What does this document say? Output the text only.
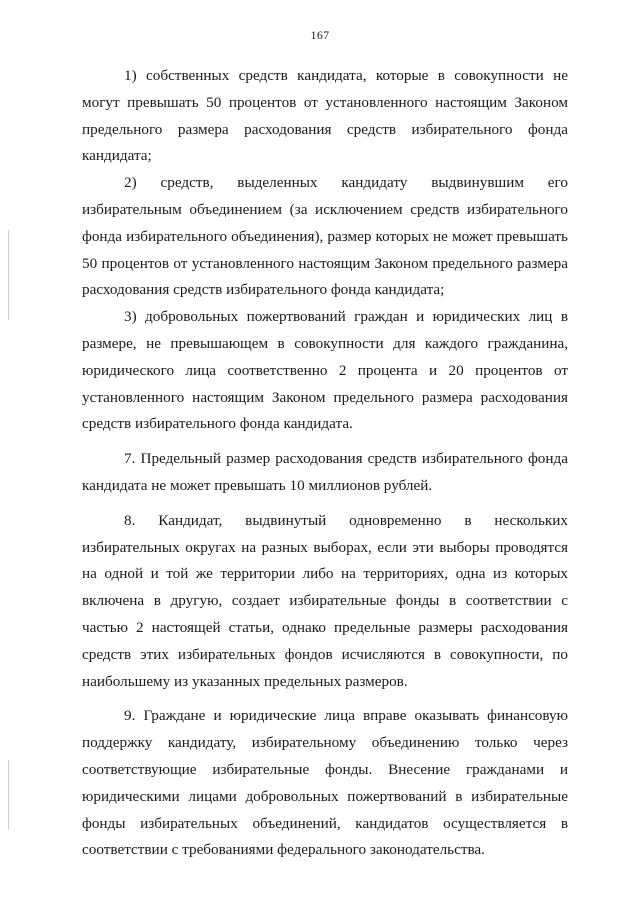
167

1) собственных средств кандидата, которые в совокупности не могут превышать 50 процентов от установленного настоящим Законом предельного размера расходования средств избирательного фонда кандидата;

2) средств, выделенных кандидату выдвинувшим его избирательным объединением (за исключением средств избирательного фонда избирательного объединения), размер которых не может превышать 50 процентов от установленного настоящим Законом предельного размера расходования средств избирательного фонда кандидата;

3) добровольных пожертвований граждан и юридических лиц в размере, не превышающем в совокупности для каждого гражданина, юридического лица соответственно 2 процента и 20 процентов от установленного настоящим Законом предельного размера расходования средств избирательного фонда кандидата.

7. Предельный размер расходования средств избирательного фонда кандидата не может превышать 10 миллионов рублей.

8. Кандидат, выдвинутый одновременно в нескольких избирательных округах на разных выборах, если эти выборы проводятся на одной и той же территории либо на территориях, одна из которых включена в другую, создает избирательные фонды в соответствии с частью 2 настоящей статьи, однако предельные размеры расходования средств этих избирательных фондов исчисляются в совокупности, по наибольшему из указанных предельных размеров.

9. Граждане и юридические лица вправе оказывать финансовую поддержку кандидату, избирательному объединению только через соответствующие избирательные фонды. Внесение гражданами и юридическими лицами добровольных пожертвований в избирательные фонды избирательных объединений, кандидатов осуществляется в соответствии с требованиями федерального законодательства.
